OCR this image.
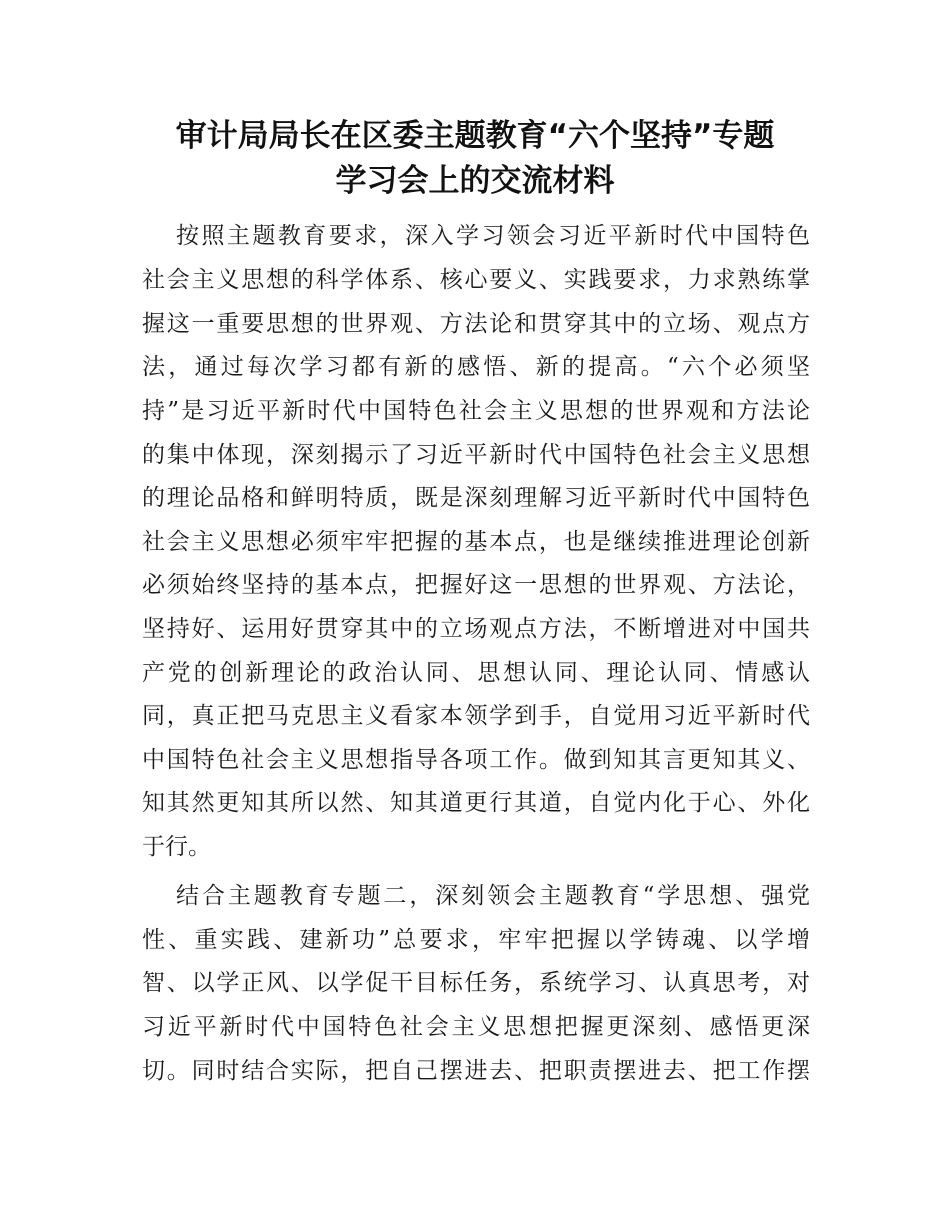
审计局局长在区委主题教育“六个坚持”专题
学习会上的交流材料
按照主题教育要求，深入学习领会习近平新时代中国特色
社会主义思想的科学体系、核心要义、实践要求，力求熟练掌
握这一重要思想的世界观、方法论和贯穿其中的立场、观点方
法，通过每次学习都有新的感悟、新的提高。“六个必须坚
持”是习近平新时代中国特色社会主义思想的世界观和方法论
的集中体现，深刻揭示了习近平新时代中国特色社会主义思想
的理论品格和鲜明特质，既是深刻理解习近平新时代中国特色
社会主义思想必须牢牢把握的基本点，也是继续推进理论创新
必须始终坚持的基本点，把握好这一思想的世界观、方法论，
坚持好、运用好贯穿其中的立场观点方法，不断增进对中国共
产党的创新理论的政治认同、思想认同、理论认同、情感认
同，真正把马克思主义看家本领学到手，自觉用习近平新时代
中国特色社会主义思想指导各项工作。做到知其言更知其义、
知其然更知其所以然、知其道更行其道，自觉内化于心、外化
于行。
结合主题教育专题二，深刻领会主题教育“学思想、强党
性、重实践、建新功”总要求，牢牢把握以学铸魂、以学增
智、以学正风、以学促干目标任务，系统学习、认真思考，对
习近平新时代中国特色社会主义思想把握更深刻、感悟更深
切。同时结合实际，把自己摆进去、把职责摆进去、把工作摆
